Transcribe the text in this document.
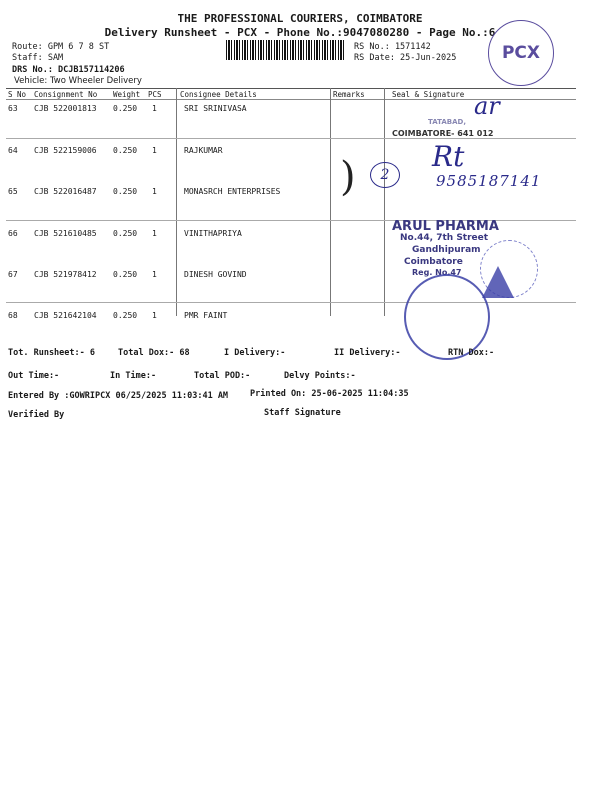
THE PROFESSIONAL COURIERS, COIMBATORE
Delivery Runsheet - PCX - Phone No.:9047080280 - Page No.:6
Route: GPM 6 7 8 ST
Staff: SAM
DRS No.: DCJB157114206
Vehicle: Two Wheeler Delivery
RS No.: 1571142
RS Date: 25-Jun-2025	PCX
S No Consignment No Weight PCS Consignee Details	Remarks	Seal & Signature
63 CJB 522001813 0.250 1	SRI SRINIVASA
64 CJB 522159006 0.250 1	RAJKUMAR
65 CJB 522016487 0.250 1	MONASRCH ENTERPRISES
66 CJB 521610485 0.250 1	VINITHAPRIYA
67 CJB 521978412 0.250 1	DINESH GOVIND
68 CJB 521642104 0.250 1	PMR FAINT
ar
TATABAD,
COIMBATORE- 641 012
) 2
Rt
9585187141
ARUL PHARMA
No.44, 7th Street
Gandhipuram
Coimbatore
Reg. No.47
Tot. Runsheet:- 6	Total Dox:- 68	I Delivery:-	II Delivery:-	RTN Dox:-
Out Time:-	In Time:-	Total POD:-	Delvy Points:-
Entered By :GOWRIPCX 06/25/2025 11:03:41 AM	Printed On: 25-06-2025 11:04:35
Verified By	Staff Signature
